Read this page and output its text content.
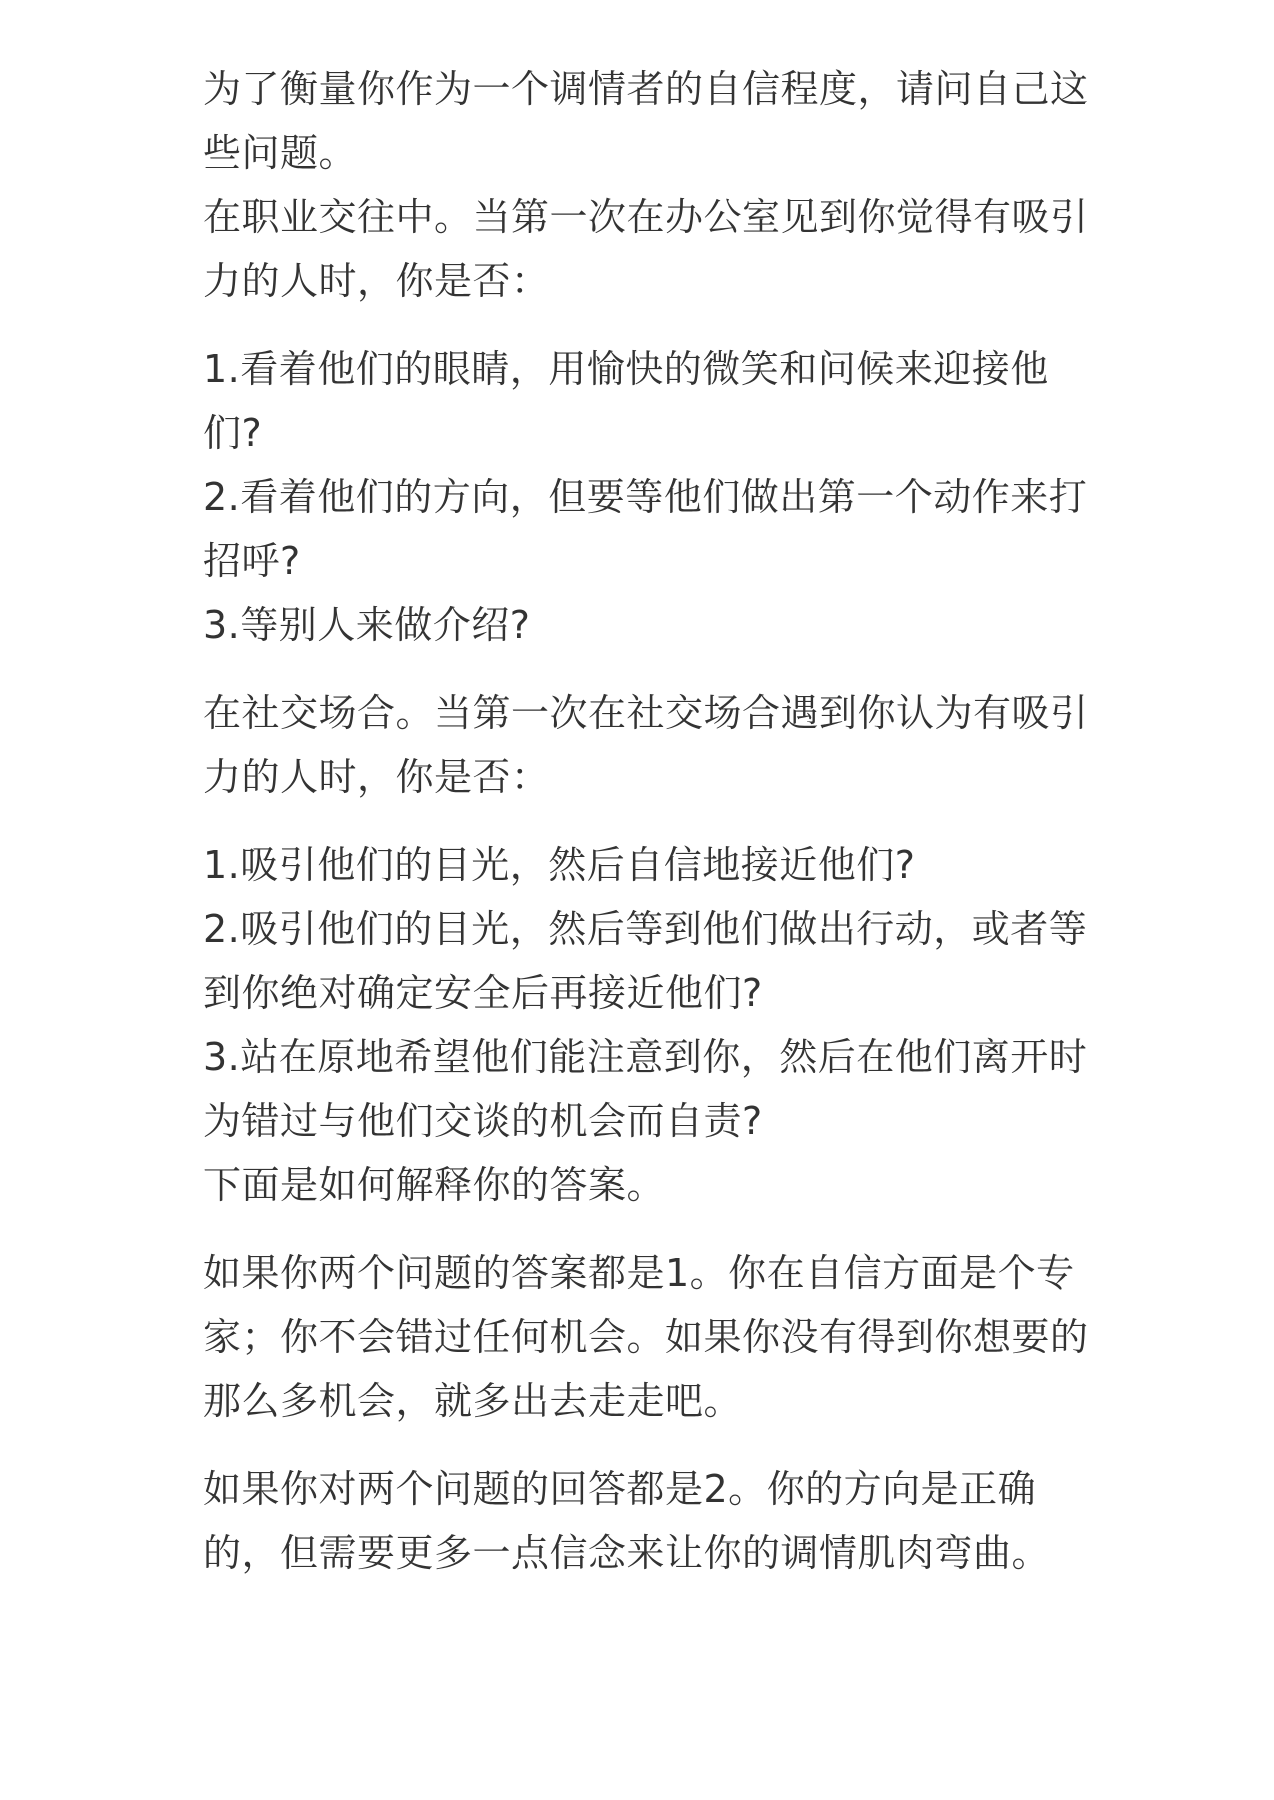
为了衡量你作为一个调情者的自信程度，请问自己这
些问题。
在职业交往中。当第一次在办公室见到你觉得有吸引
力的人时，你是否：
1.看着他们的眼睛，用愉快的微笑和问候来迎接他
们?
2.看着他们的方向，但要等他们做出第一个动作来打
招呼?
3.等别人来做介绍?
在社交场合。当第一次在社交场合遇到你认为有吸引
力的人时，你是否：
1.吸引他们的目光，然后自信地接近他们?
2.吸引他们的目光，然后等到他们做出行动，或者等
到你绝对确定安全后再接近他们?
3.站在原地希望他们能注意到你，然后在他们离开时
为错过与他们交谈的机会而自责?
下面是如何解释你的答案。
如果你两个问题的答案都是1。你在自信方面是个专
家；你不会错过任何机会。如果你没有得到你想要的
那么多机会，就多出去走走吧。
如果你对两个问题的回答都是2。你的方向是正确
的，但需要更多一点信念来让你的调情肌肉弯曲。
